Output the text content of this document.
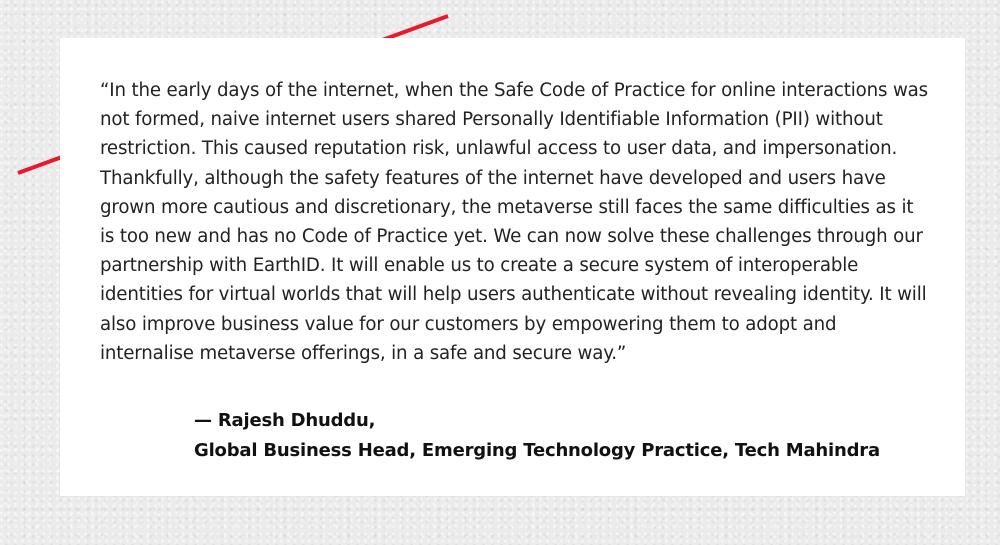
“In the early days of the internet, when the Safe Code of Practice for online interactions was not formed, naive internet users shared Personally Identifiable Information (PII) without restriction. This caused reputation risk, unlawful access to user data, and impersonation. Thankfully, although the safety features of the internet have developed and users have grown more cautious and discretionary, the metaverse still faces the same difficulties as it is too new and has no Code of Practice yet. We can now solve these challenges through our partnership with EarthID. It will enable us to create a secure system of interoperable identities for virtual worlds that will help users authenticate without revealing identity. It will also improve business value for our customers by empowering them to adopt and internalise metaverse offerings, in a safe and secure way.”

— Rajesh Dhuddu,
Global Business Head, Emerging Technology Practice, Tech Mahindra
